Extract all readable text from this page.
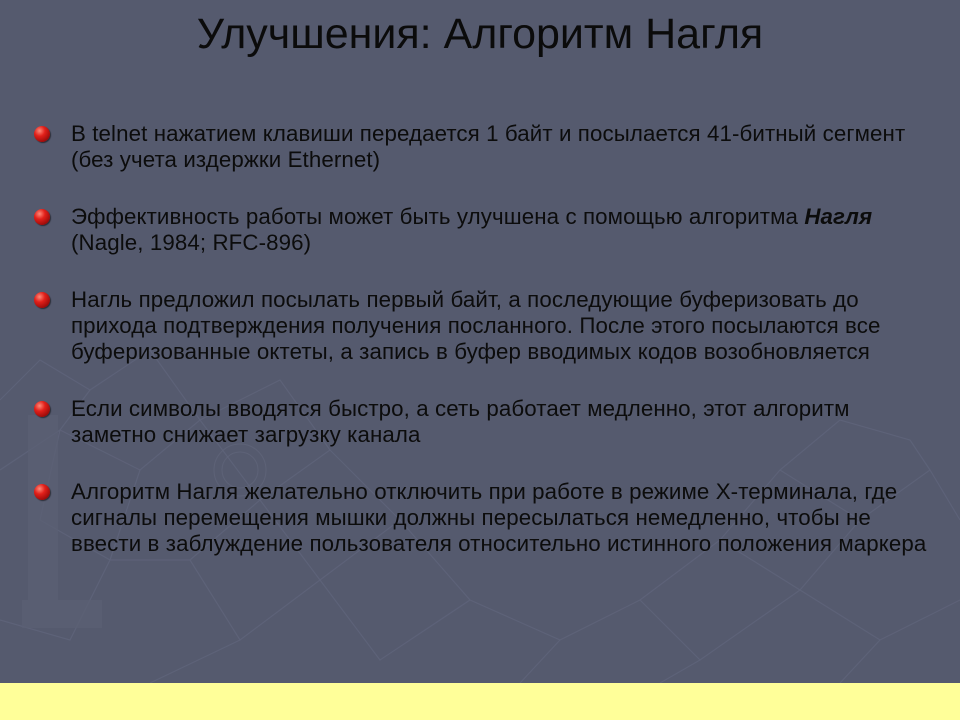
Улучшения: Алгоритм Нагля
В telnet нажатием клавиши передается 1 байт и посылается 41-битный сегмент (без учета издержки Ethernet)
Эффективность работы может быть улучшена с помощью алгоритма Нагля (Nagle, 1984; RFC-896)
Нагль предложил посылать первый байт, а последующие буферизовать до прихода подтверждения получения посланного. После этого посылаются все буферизованные октеты, а запись в буфер вводимых кодов возобновляется
Если символы вводятся быстро, а сеть работает медленно, этот алгоритм заметно снижает загрузку канала
Алгоритм Нагля желательно отключить при работе в режиме X-терминала, где сигналы перемещения мышки должны пересылаться немедленно, чтобы не ввести в заблуждение пользователя относительно истинного положения маркера
